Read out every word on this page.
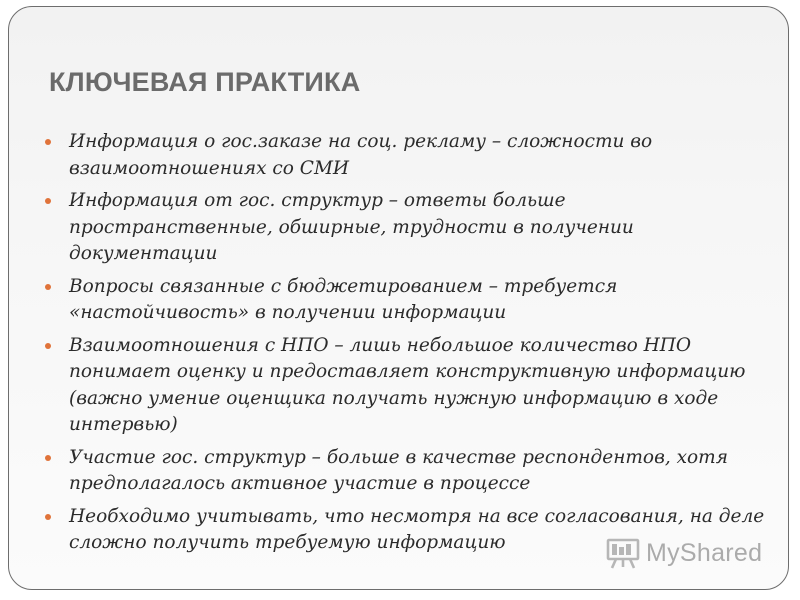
КЛЮЧЕВАЯ ПРАКТИКА
Информация о гос.заказе на соц. рекламу – сложности во взаимоотношениях со СМИ
Информация от гос. структур – ответы больше пространственные, обширные, трудности в получении документации
Вопросы связанные с бюджетированием – требуется «настойчивость» в получении информации
Взаимоотношения с НПО – лишь небольшое количество НПО понимает оценку и предоставляет конструктивную информацию (важно умение оценщика получать нужную информацию в ходе интервью)
Участие гос. структур – больше в качестве респондентов, хотя предполагалось активное участие в процессе
Необходимо учитывать, что несмотря на все согласования, на деле сложно получить требуемую информацию	MyShared
